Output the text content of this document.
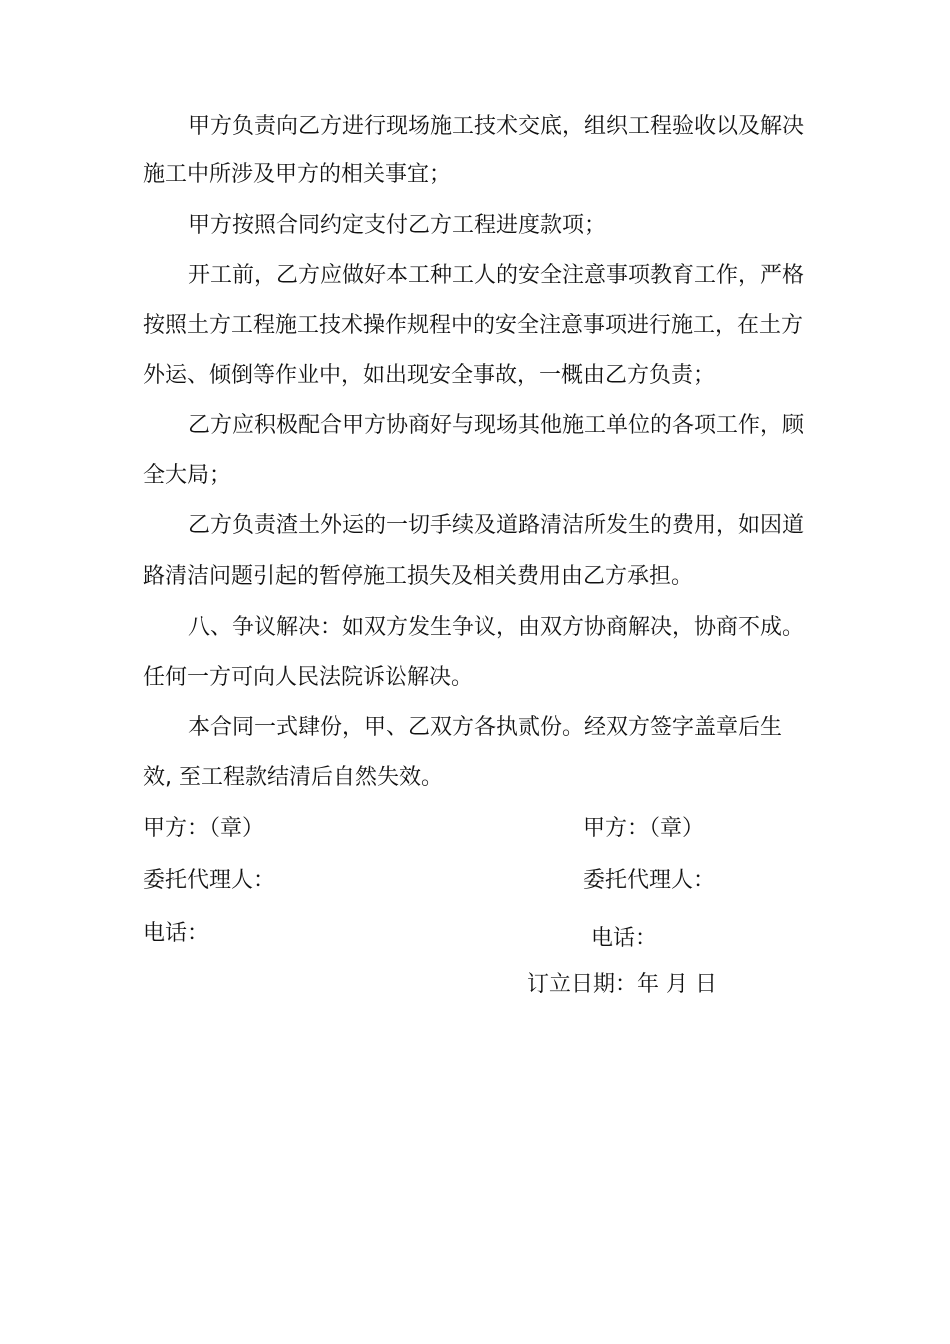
甲方负责向乙方进行现场施工技术交底，组织工程验收以及解决
施工中所涉及甲方的相关事宜；
甲方按照合同约定支付乙方工程进度款项；
开工前，乙方应做好本工种工人的安全注意事项教育工作，严格
按照土方工程施工技术操作规程中的安全注意事项进行施工，在土方
外运、倾倒等作业中，如出现安全事故，一概由乙方负责；
乙方应积极配合甲方协商好与现场其他施工单位的各项工作，顾
全大局；
乙方负责渣土外运的一切手续及道路清洁所发生的费用，如因道
路清洁问题引起的暂停施工损失及相关费用由乙方承担。
八、争议解决：如双方发生争议，由双方协商解决，协商不成。
任何一方可向人民法院诉讼解决。
本合同一式肆份，甲、乙双方各执贰份。经双方签字盖章后生
效, 至工程款结清后自然失效。
甲方：（章）	甲方：（章）
委托代理人：	委托代理人：
电话：	电话：
订立日期：年 月 日
